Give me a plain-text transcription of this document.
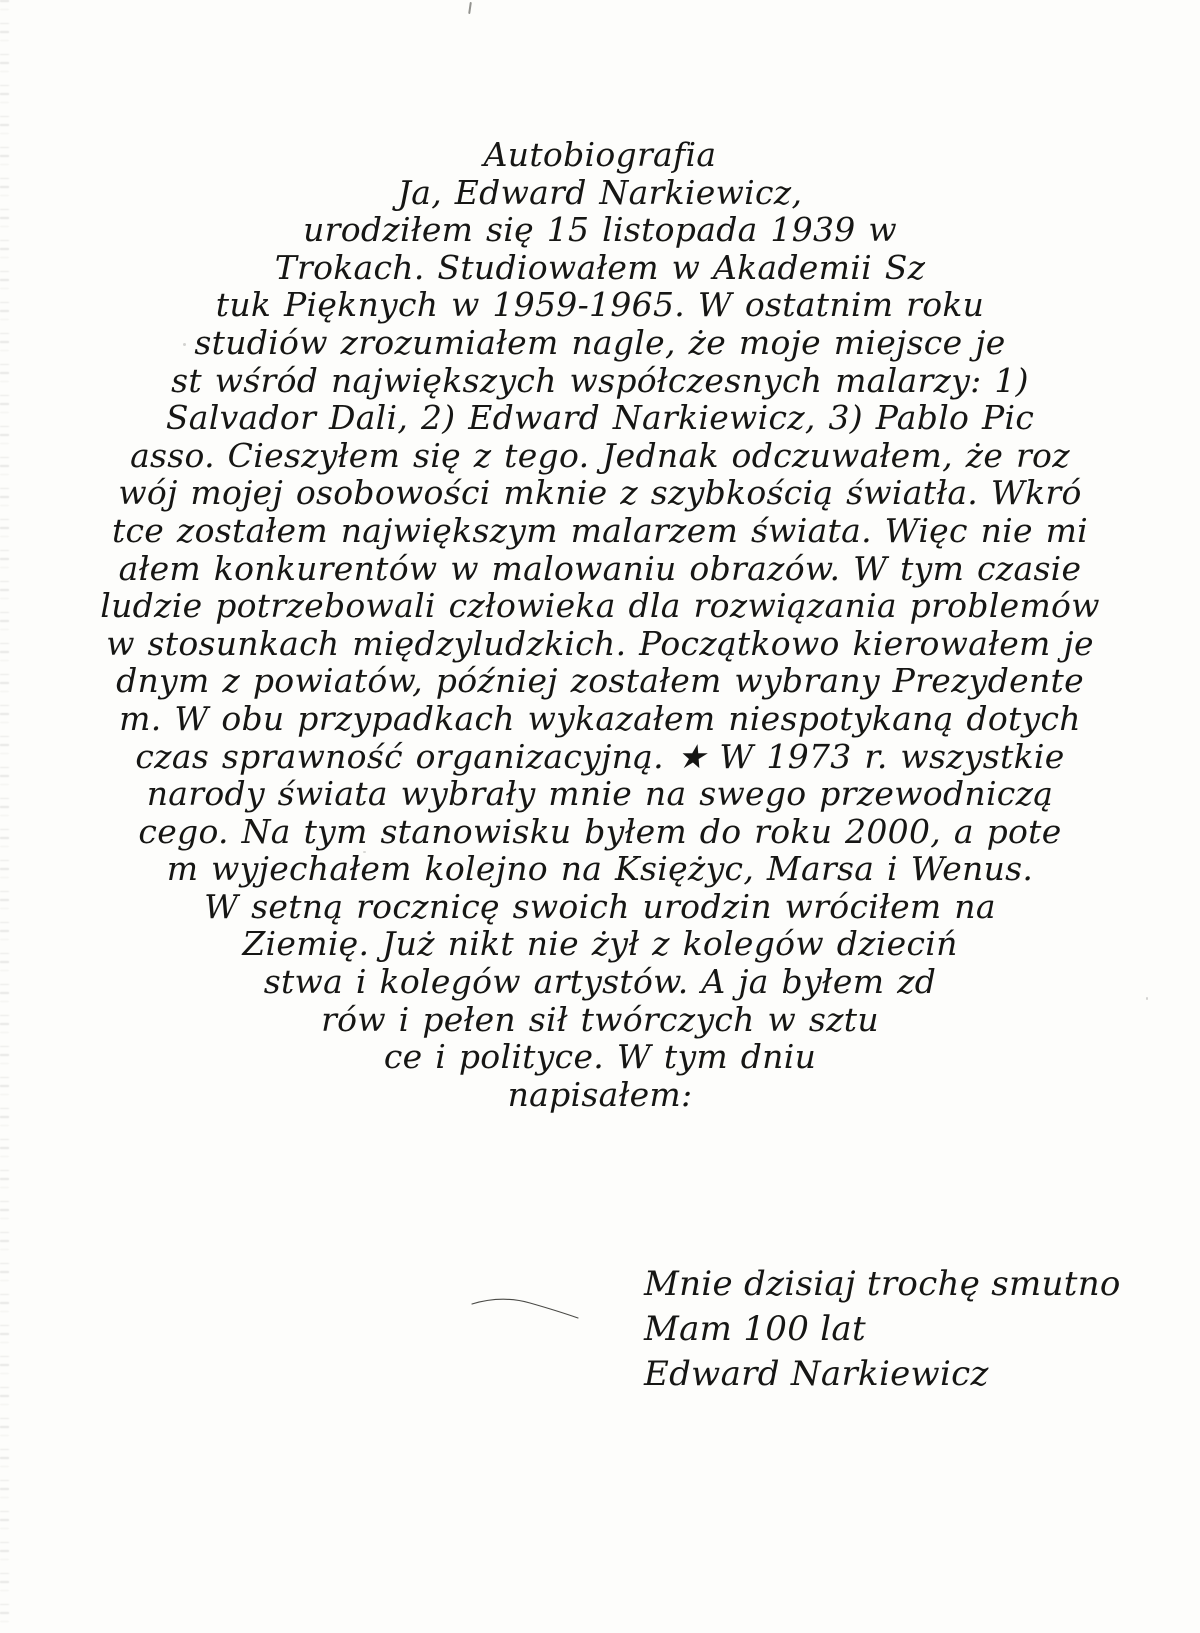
Autobiografia
Ja, Edward Narkiewicz,
urodziłem się 15 listopada 1939 w
Trokach. Studiowałem w Akademii Sz
tuk Pięknych w 1959-1965. W ostatnim roku
studiów zrozumiałem nagle, że moje miejsce je
st wśród największych współczesnych malarzy: 1)
Salvador Dali, 2) Edward Narkiewicz, 3) Pablo Pic
asso. Cieszyłem się z tego. Jednak odczuwałem, że roz
wój mojej osobowości mknie z szybkością światła. Wkró
tce zostałem największym malarzem świata. Więc nie mi
ałem konkurentów w malowaniu obrazów. W tym czasie
ludzie potrzebowali człowieka dla rozwiązania problemów
w stosunkach międzyludzkich. Początkowo kierowałem je
dnym z powiatów, później zostałem wybrany Prezydente
m. W obu przypadkach wykazałem niespotykaną dotych
czas sprawność organizacyjną. ★ W 1973 r. wszystkie
narody świata wybrały mnie na swego przewodniczą
cego. Na tym stanowisku byłem do roku 2000, a pote
m wyjechałem kolejno na Księżyc, Marsa i Wenus.
W setną rocznicę swoich urodzin wróciłem na
Ziemię. Już nikt nie żył z kolegów dzieciń
stwa i kolegów artystów. A ja byłem zd
rów i pełen sił twórczych w sztu
ce i polityce. W tym dniu
napisałem:
Mnie dzisiaj trochę smutno
Mam 100 lat
Edward Narkiewicz
